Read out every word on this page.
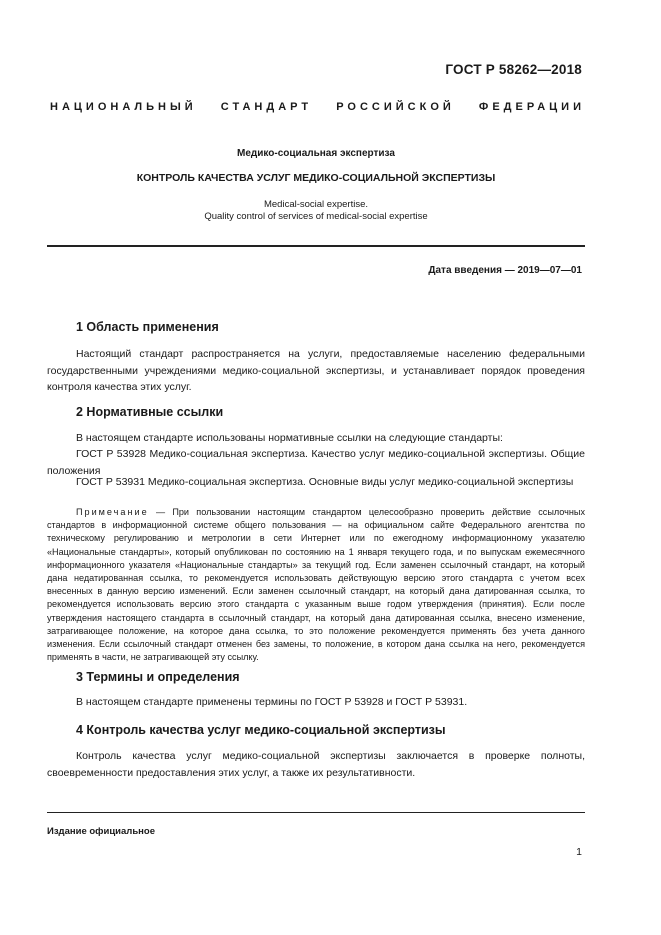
ГОСТ Р 58262—2018
НАЦИОНАЛЬНЫЙ СТАНДАРТ РОССИЙСКОЙ ФЕДЕРАЦИИ
Медико-социальная экспертиза
КОНТРОЛЬ КАЧЕСТВА УСЛУГ МЕДИКО-СОЦИАЛЬНОЙ ЭКСПЕРТИЗЫ
Medical-social expertise.
Quality control of services of medical-social expertise
Дата введения — 2019—07—01
1 Область применения
Настоящий стандарт распространяется на услуги, предоставляемые населению федеральными государственными учреждениями медико-социальной экспертизы, и устанавливает порядок проведения контроля качества этих услуг.
2 Нормативные ссылки
В настоящем стандарте использованы нормативные ссылки на следующие стандарты:
ГОСТ Р 53928 Медико-социальная экспертиза. Качество услуг медико-социальной экспертизы. Общие положения
ГОСТ Р 53931 Медико-социальная экспертиза. Основные виды услуг медико-социальной экспертизы
Примечание — При пользовании настоящим стандартом целесообразно проверить действие ссылочных стандартов в информационной системе общего пользования — на официальном сайте Федерального агентства по техническому регулированию и метрологии в сети Интернет или по ежегодному информационному указателю «Национальные стандарты», который опубликован по состоянию на 1 января текущего года, и по выпускам ежемесячного информационного указателя «Национальные стандарты» за текущий год. Если заменен ссылочный стандарт, на который дана недатированная ссылка, то рекомендуется использовать действующую версию этого стандарта с учетом всех внесенных в данную версию изменений. Если заменен ссылочный стандарт, на который дана датированная ссылка, то рекомендуется использовать версию этого стандарта с указанным выше годом утверждения (принятия). Если после утверждения настоящего стандарта в ссылочный стандарт, на который дана датированная ссылка, внесено изменение, затрагивающее положение, на которое дана ссылка, то это положение рекомендуется применять без учета данного изменения. Если ссылочный стандарт отменен без замены, то положение, в котором дана ссылка на него, рекомендуется применять в части, не затрагивающей эту ссылку.
3 Термины и определения
В настоящем стандарте применены термины по ГОСТ Р 53928 и ГОСТ Р 53931.
4 Контроль качества услуг медико-социальной экспертизы
Контроль качества услуг медико-социальной экспертизы заключается в проверке полноты, своевременности предоставления этих услуг, а также их результативности.
Издание официальное
1
